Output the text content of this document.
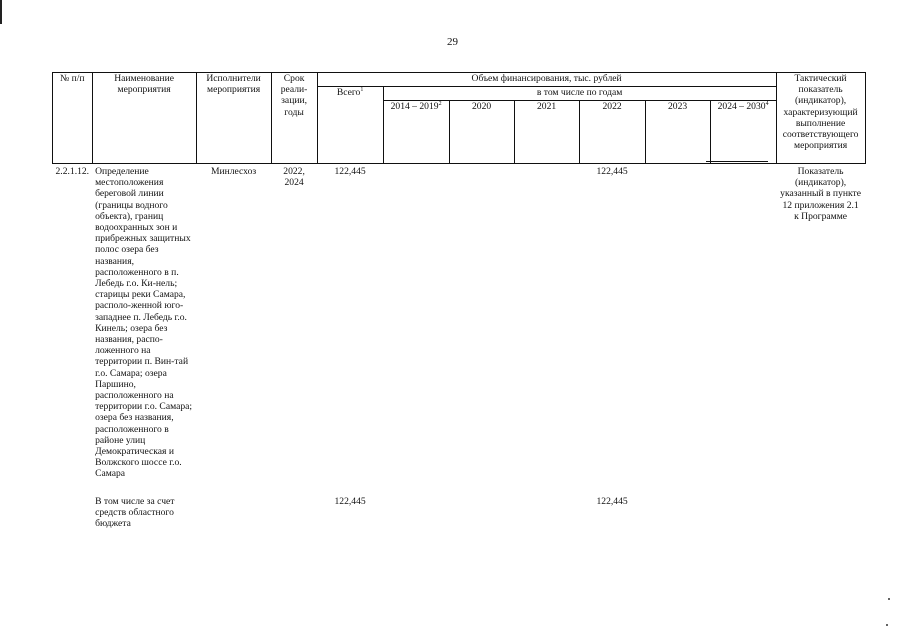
29
№ п/п	Наименование мероприятия	Исполнители мероприятия	Срок реали-зации, годы	Объем финансирования, тыс. рублей							Тактический показатель (индикатор), характеризующий выполнение соответствующего мероприятия
				Всего$^1$	в том числе по годам						
					2014 – 2019$^2$	2020	2021	2022	2023	2024 – 2030$^4$
2.2.1.12.	Определение местоположения береговой линии (границы водного объекта), границ водоохранных зон и прибрежных защитных полос озера без названия, расположенного в п. Лебедь г.о. Ки-нель; старицы реки Самара, располо-женной юго-западнее п. Лебедь г.о. Кинель; озера без названия, распо-ложенного на территории п. Вин-тай г.о. Самара; озера Паршино, расположенного на территории г.о. Самара; озера без названия, расположенного в районе улиц Демократическая и Волжского шоссе г.о. Самара	Минлесхоз	2022, 2024	122,445				122,445			Показатель (индикатор), указанный в пункте 12 приложения 2.1 к Программе
	В том числе за счет средств областного бюджета			122,445				122,445			
